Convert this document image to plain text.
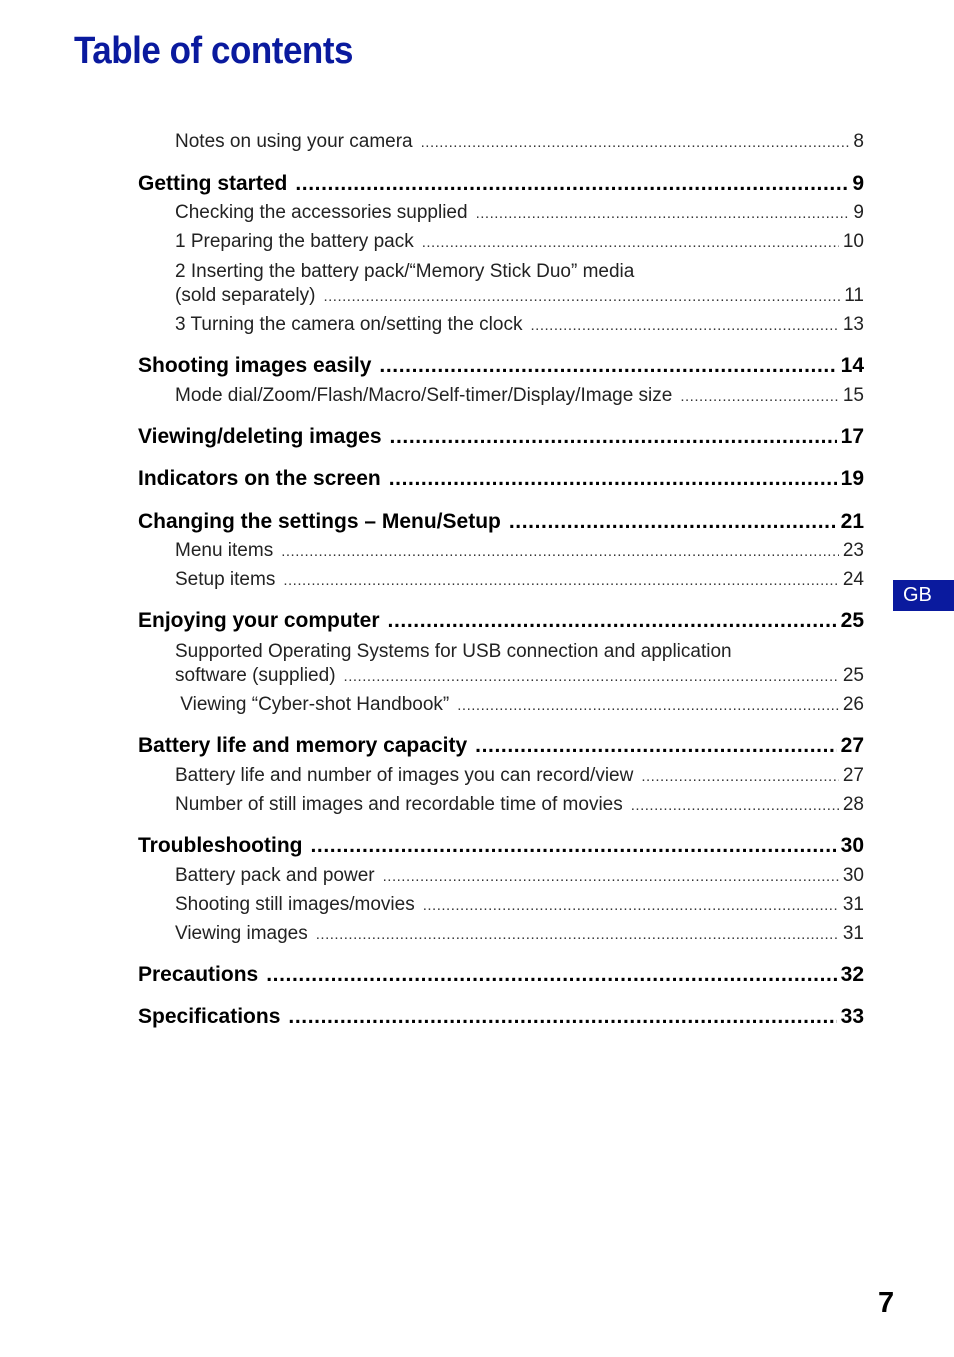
Table of contents
Notes on using your camera .....	8
Getting started .....	9
Checking the accessories supplied .....	9
1 Preparing the battery pack .....	10
2 Inserting the battery pack/“Memory Stick Duo” media
(sold separately) .....	11
3 Turning the camera on/setting the clock .....	13
Shooting images easily .....	14
Mode dial/Zoom/Flash/Macro/Self-timer/Display/Image size .....	15
Viewing/deleting images .....	17
Indicators on the screen .....	19
Changing the settings – Menu/Setup .....	21
Menu items .....	23
Setup items .....	24
Enjoying your computer .....	25
Supported Operating Systems for USB connection and application
software (supplied) .....	25
Viewing “Cyber-shot Handbook” .....	26
Battery life and memory capacity .....	27
Battery life and number of images you can record/view .....	27
Number of still images and recordable time of movies .....	28
Troubleshooting .....	30
Battery pack and power .....	30
Shooting still images/movies .....	31
Viewing images .....	31
Precautions .....	32
Specifications .....	33
GB
7
